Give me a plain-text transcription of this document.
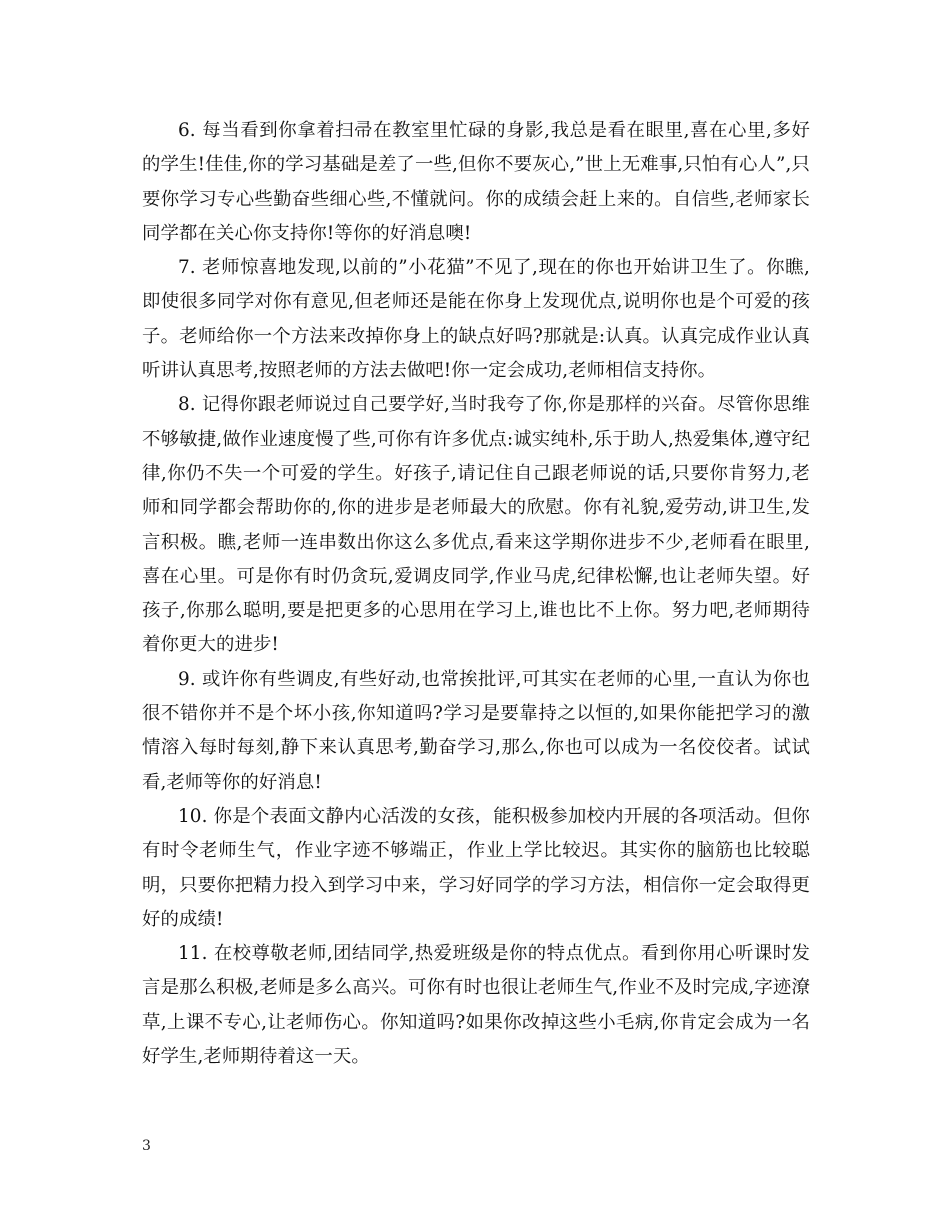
6. 每当看到你拿着扫帚在教室里忙碌的身影,我总是看在眼里,喜在心里,多好的学生!佳佳,你的学习基础是差了一些,但你不要灰心,”世上无难事,只怕有心人”,只要你学习专心些勤奋些细心些,不懂就问。你的成绩会赶上来的。自信些,老师家长同学都在关心你支持你!等你的好消息噢!

7. 老师惊喜地发现,以前的”小花猫”不见了,现在的你也开始讲卫生了。你瞧,即使很多同学对你有意见,但老师还是能在你身上发现优点,说明你也是个可爱的孩子。老师给你一个方法来改掉你身上的缺点好吗?那就是:认真。认真完成作业认真听讲认真思考,按照老师的方法去做吧!你一定会成功,老师相信支持你。

8. 记得你跟老师说过自己要学好,当时我夸了你,你是那样的兴奋。尽管你思维不够敏捷,做作业速度慢了些,可你有许多优点:诚实纯朴,乐于助人,热爱集体,遵守纪律,你仍不失一个可爱的学生。好孩子,请记住自己跟老师说的话,只要你肯努力,老师和同学都会帮助你的,你的进步是老师最大的欣慰。你有礼貌,爱劳动,讲卫生,发言积极。瞧,老师一连串数出你这么多优点,看来这学期你进步不少,老师看在眼里,喜在心里。可是你有时仍贪玩,爱调皮同学,作业马虎,纪律松懈,也让老师失望。好孩子,你那么聪明,要是把更多的心思用在学习上,谁也比不上你。努力吧,老师期待着你更大的进步!

9. 或许你有些调皮,有些好动,也常挨批评,可其实在老师的心里,一直认为你也很不错你并不是个坏小孩,你知道吗?学习是要靠持之以恒的,如果你能把学习的激情溶入每时每刻,静下来认真思考,勤奋学习,那么,你也可以成为一名佼佼者。试试看,老师等你的好消息!

10. 你是个表面文静内心活泼的女孩，能积极参加校内开展的各项活动。但你有时令老师生气，作业字迹不够端正，作业上学比较迟。其实你的脑筋也比较聪明，只要你把精力投入到学习中来，学习好同学的学习方法，相信你一定会取得更好的成绩!

11. 在校尊敬老师,团结同学,热爱班级是你的特点优点。看到你用心听课时发言是那么积极,老师是多么高兴。可你有时也很让老师生气,作业不及时完成,字迹潦草,上课不专心,让老师伤心。你知道吗?如果你改掉这些小毛病,你肯定会成为一名好学生,老师期待着这一天。

3
